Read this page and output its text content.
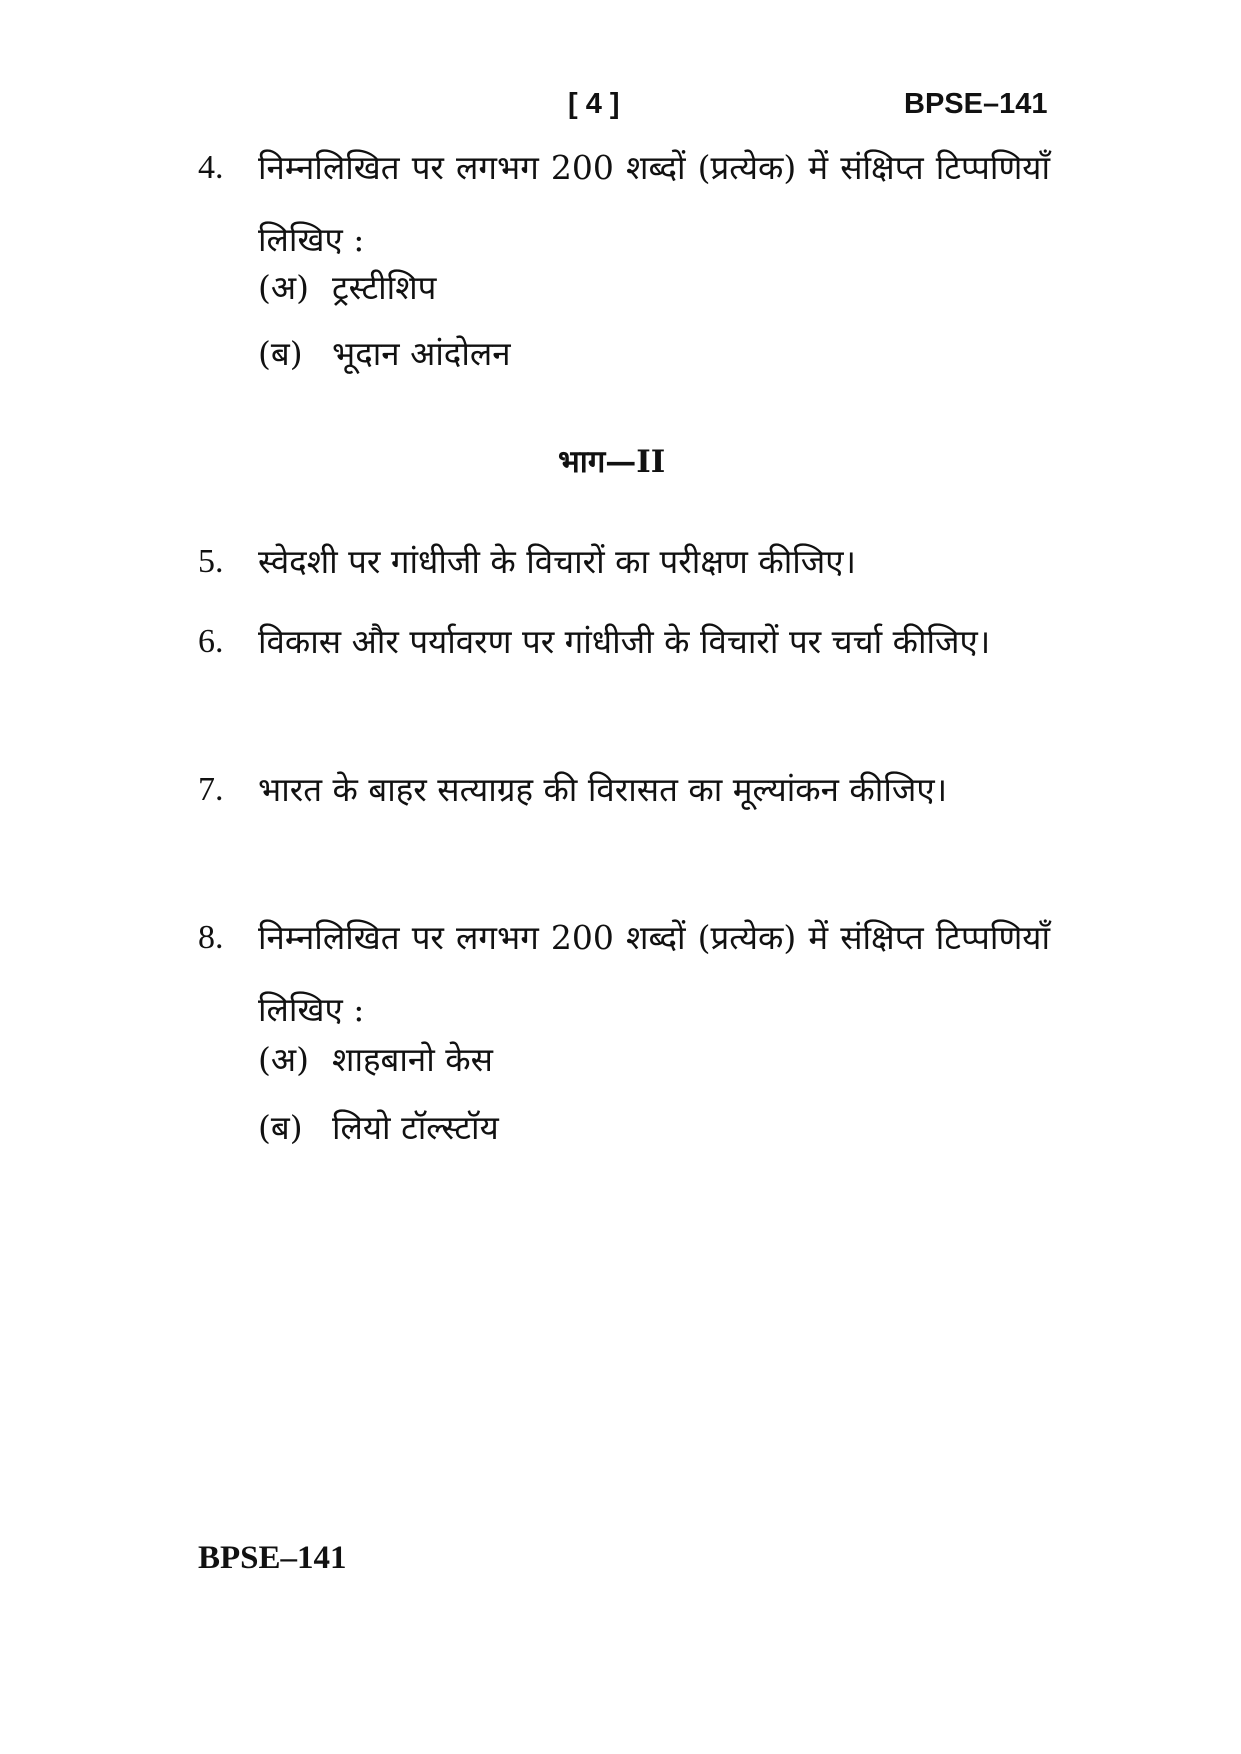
[ 4 ]	BPSE–141
4. निम्नलिखित पर लगभग 200 शब्दों (प्रत्येक) में संक्षिप्त टिप्पणियाँ लिखिए :
(अ) ट्रस्टीशिप
(ब) भूदान आंदोलन
भाग—II
5. स्वेदशी पर गांधीजी के विचारों का परीक्षण कीजिए।
6. विकास और पर्यावरण पर गांधीजी के विचारों पर चर्चा कीजिए।
7. भारत के बाहर सत्याग्रह की विरासत का मूल्यांकन कीजिए।
8. निम्नलिखित पर लगभग 200 शब्दों (प्रत्येक) में संक्षिप्त टिप्पणियाँ लिखिए :
(अ) शाहबानो केस
(ब) लियो टॉल्स्टॉय
BPSE–141
